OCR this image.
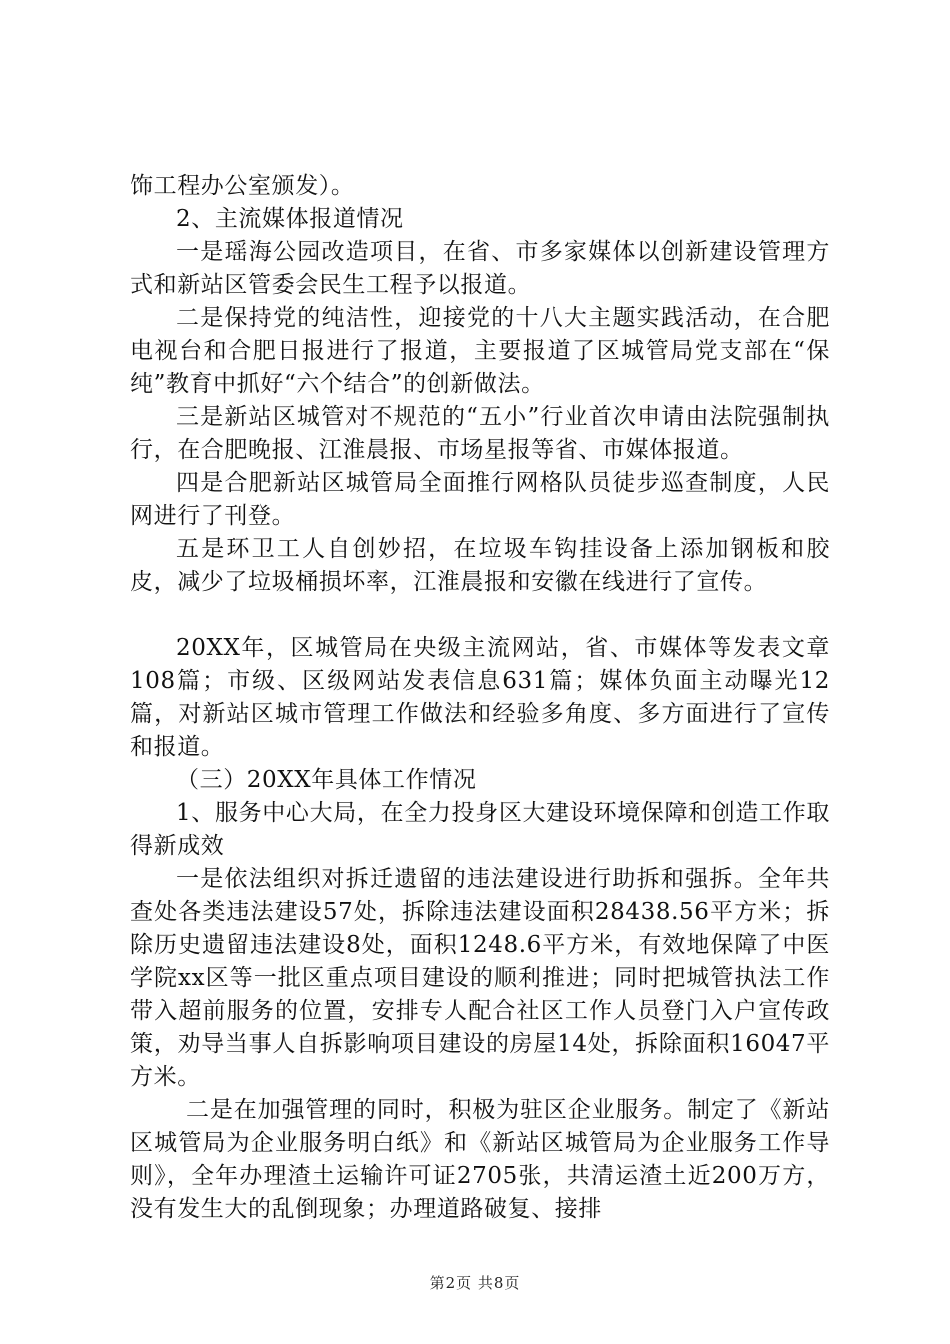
饰工程办公室颁发）。

2、主流媒体报道情况

一是瑶海公园改造项目，在省、市多家媒体以创新建设管理方式和新站区管委会民生工程予以报道。

二是保持党的纯洁性，迎接党的十八大主题实践活动，在合肥电视台和合肥日报进行了报道，主要报道了区城管局党支部在“保纯”教育中抓好“六个结合”的创新做法。

三是新站区城管对不规范的“五小”行业首次申请由法院强制执行，在合肥晚报、江淮晨报、市场星报等省、市媒体报道。

四是合肥新站区城管局全面推行网格队员徒步巡查制度，人民网进行了刊登。

五是环卫工人自创妙招，在垃圾车钩挂设备上添加钢板和胶皮，减少了垃圾桶损坏率，江淮晨报和安徽在线进行了宣传。

20XX年，区城管局在央级主流网站，省、市媒体等发表文章108篇；市级、区级网站发表信息631篇；媒体负面主动曝光12篇，对新站区城市管理工作做法和经验多角度、多方面进行了宣传和报道。

（三）20XX年具体工作情况

1、服务中心大局，在全力投身区大建设环境保障和创造工作取得新成效

一是依法组织对拆迁遗留的违法建设进行助拆和强拆。全年共查处各类违法建设57处，拆除违法建设面积28438.56平方米；拆除历史遗留违法建设8处，面积1248.6平方米，有效地保障了中医学院xx区等一批区重点项目建设的顺利推进；同时把城管执法工作带入超前服务的位置，安排专人配合社区工作人员登门入户宣传政策，劝导当事人自拆影响项目建设的房屋14处，拆除面积16047平方米。

二是在加强管理的同时，积极为驻区企业服务。制定了《新站区城管局为企业服务明白纸》和《新站区城管局为企业服务工作导则》，全年办理渣土运输许可证2705张，共清运渣土近200万方，没有发生大的乱倒现象；办理道路破复、接排

第2页 共8页
